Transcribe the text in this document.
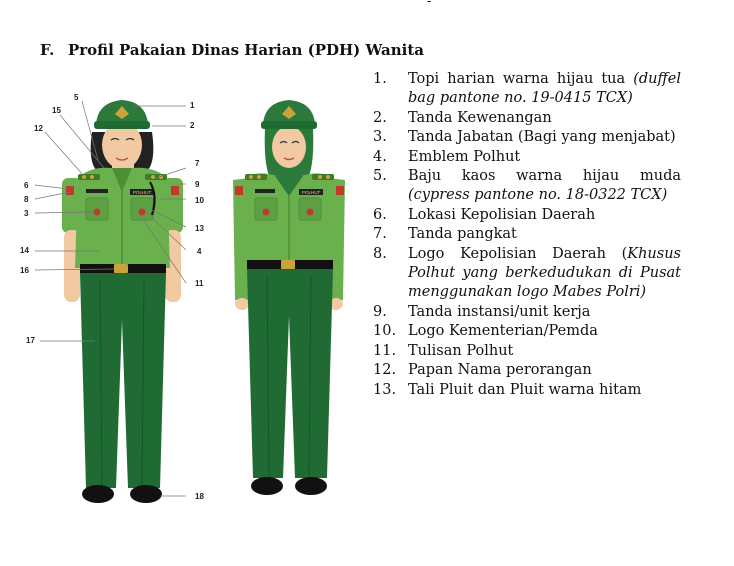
-
F. Profil Pakaian Dinas Harian (PDH) Wanita
POLHUT	POLHUT
1
2
3
4
5
6
7
8
9
10
11
12
13
14
15
16
17
18
1. Topi harian warna hijau tua (duffel bag pantone no. 19-0415 TCX)
2. Tanda Kewenangan
3. Tanda Jabatan (Bagi yang menjabat)
4. Emblem Polhut
5. Baju kaos warna hijau muda (cypress pantone no. 18-0322 TCX)
6. Lokasi Kepolisian Daerah
7. Tanda pangkat
8. Logo Kepolisian Daerah (Khusus Polhut yang berkedudukan di Pusat menggunakan logo Mabes Polri)
9. Tanda instansi/unit kerja
10. Logo Kementerian/Pemda
11. Tulisan Polhut
12. Papan Nama perorangan
13. Tali Pluit dan Pluit warna hitam
